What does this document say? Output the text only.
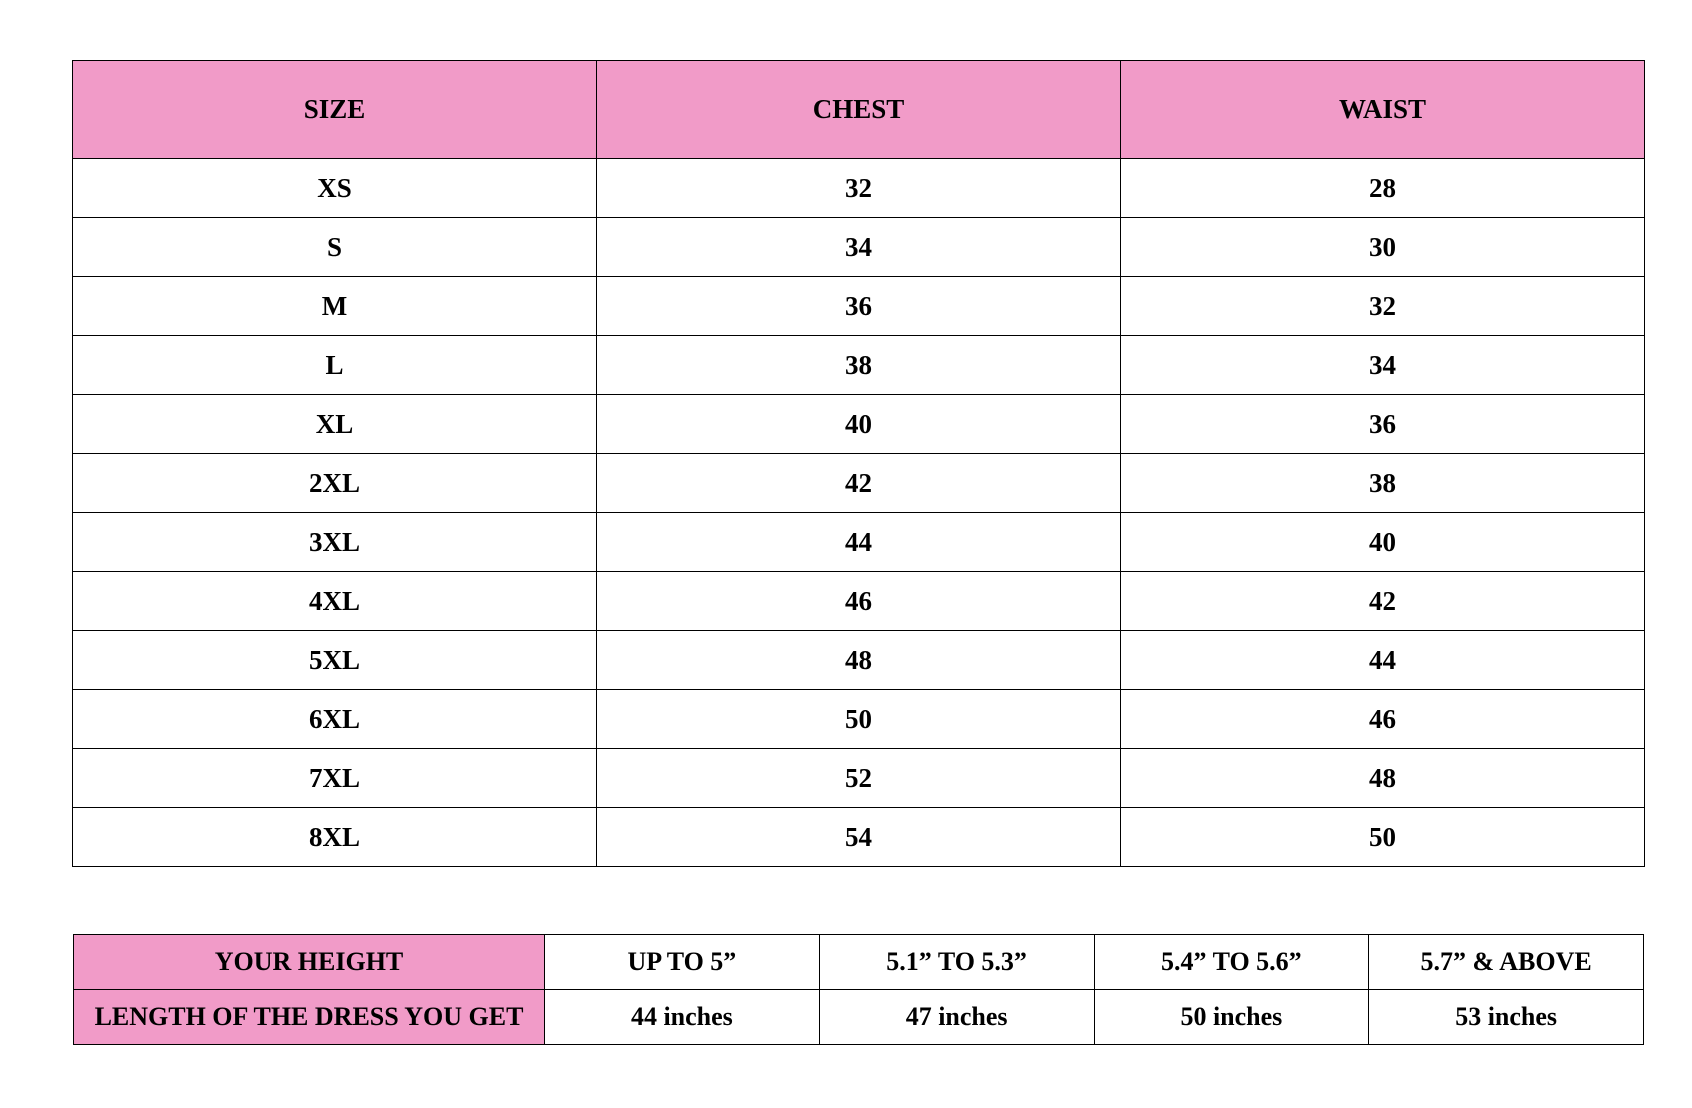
SIZE	CHEST	WAIST
XS	32	28
S	34	30
M	36	32
L	38	34
XL	40	36
2XL	42	38
3XL	44	40
4XL	46	42
5XL	48	44
6XL	50	46
7XL	52	48
8XL	54	50
YOUR HEIGHT	UP TO 5”	5.1” TO 5.3”	5.4” TO 5.6”	5.7” & ABOVE
LENGTH OF THE DRESS YOU GET	44 inches	47 inches	50 inches	53 inches
